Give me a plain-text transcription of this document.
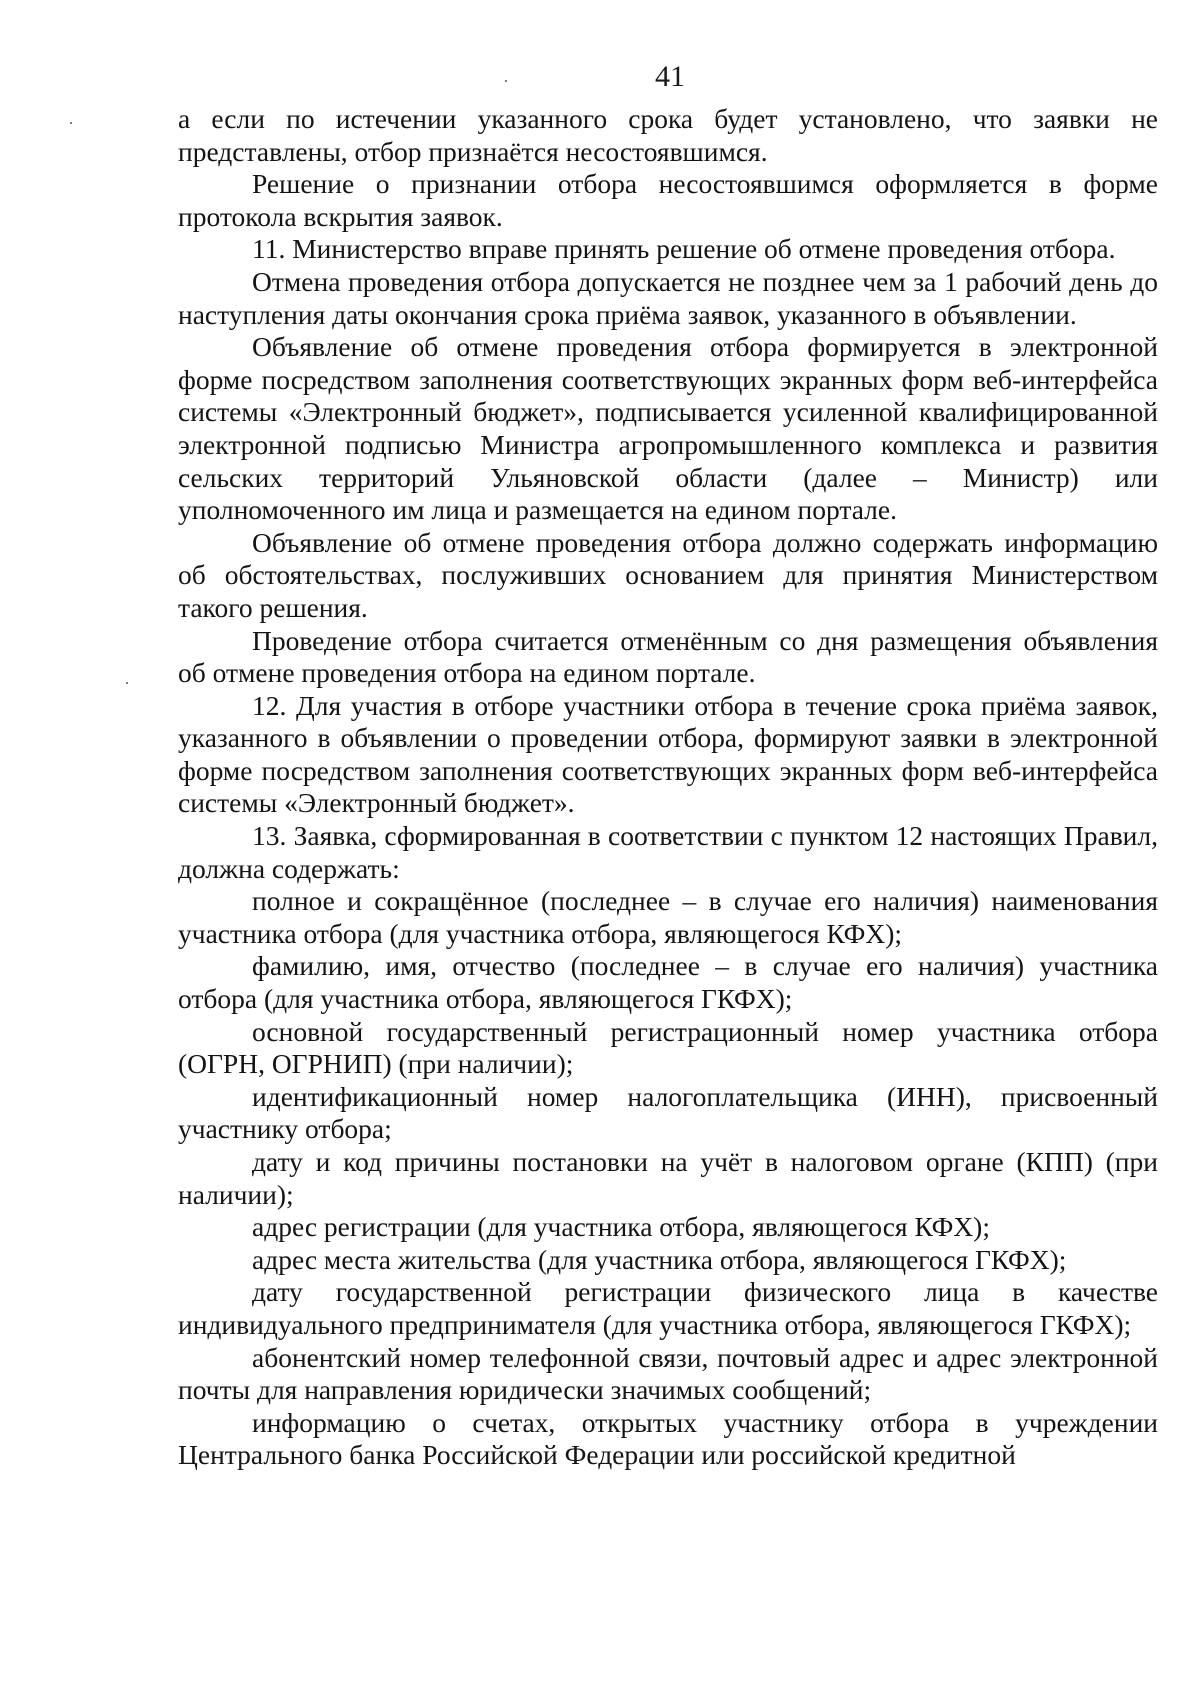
41

а если по истечении указанного срока будет установлено, что заявки не представлены, отбор признаётся несостоявшимся.

Решение о признании отбора несостоявшимся оформляется в форме протокола вскрытия заявок.

11. Министерство вправе принять решение об отмене проведения отбора.

Отмена проведения отбора допускается не позднее чем за 1 рабочий день до наступления даты окончания срока приёма заявок, указанного в объявлении.

Объявление об отмене проведения отбора формируется в электронной форме посредством заполнения соответствующих экранных форм веб-интерфейса системы «Электронный бюджет», подписывается усиленной квалифицированной электронной подписью Министра агропромышленного комплекса и развития сельских территорий Ульяновской области (далее – Министр) или уполномоченного им лица и размещается на едином портале.

Объявление об отмене проведения отбора должно содержать информацию об обстоятельствах, послуживших основанием для принятия Министерством такого решения.

Проведение отбора считается отменённым со дня размещения объявления об отмене проведения отбора на едином портале.

12. Для участия в отборе участники отбора в течение срока приёма заявок, указанного в объявлении о проведении отбора, формируют заявки в электронной форме посредством заполнения соответствующих экранных форм веб-интерфейса системы «Электронный бюджет».

13. Заявка, сформированная в соответствии с пунктом 12 настоящих Правил, должна содержать:

полное и сокращённое (последнее – в случае его наличия) наименования участника отбора (для участника отбора, являющегося КФХ);

фамилию, имя, отчество (последнее – в случае его наличия) участника отбора (для участника отбора, являющегося ГКФХ);

основной государственный регистрационный номер участника отбора (ОГРН, ОГРНИП) (при наличии);

идентификационный номер налогоплательщика (ИНН), присвоенный участнику отбора;

дату и код причины постановки на учёт в налоговом органе (КПП) (при наличии);

адрес регистрации (для участника отбора, являющегося КФХ);

адрес места жительства (для участника отбора, являющегося ГКФХ);

дату государственной регистрации физического лица в качестве индивидуального предпринимателя (для участника отбора, являющегося ГКФХ);

абонентский номер телефонной связи, почтовый адрес и адрес электронной почты для направления юридически значимых сообщений;

информацию о счетах, открытых участнику отбора в учреждении Центрального банка Российской Федерации или российской кредитной
